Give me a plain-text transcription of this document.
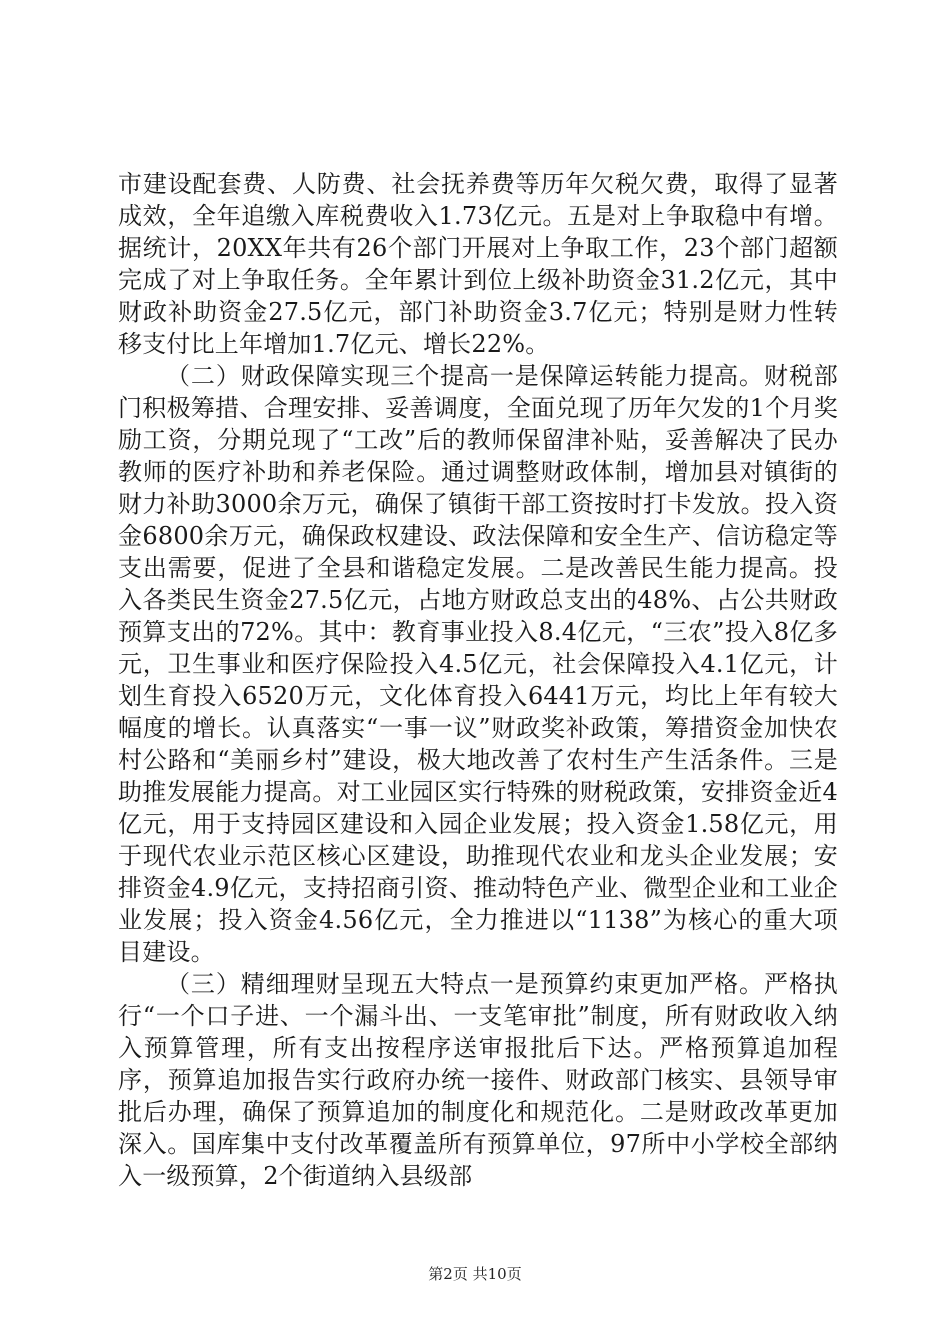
市建设配套费、人防费、社会抚养费等历年欠税欠费，取得了显著成效，全年追缴入库税费收入1.73亿元。五是对上争取稳中有增。据统计，20XX年共有26个部门开展对上争取工作，23个部门超额完成了对上争取任务。全年累计到位上级补助资金31.2亿元，其中财政补助资金27.5亿元，部门补助资金3.7亿元；特别是财力性转移支付比上年增加1.7亿元、增长22%。

（二）财政保障实现三个提高一是保障运转能力提高。财税部门积极筹措、合理安排、妥善调度，全面兑现了历年欠发的1个月奖励工资，分期兑现了“工改”后的教师保留津补贴，妥善解决了民办教师的医疗补助和养老保险。通过调整财政体制，增加县对镇街的财力补助3000余万元，确保了镇街干部工资按时打卡发放。投入资金6800余万元，确保政权建设、政法保障和安全生产、信访稳定等支出需要，促进了全县和谐稳定发展。二是改善民生能力提高。投入各类民生资金27.5亿元，占地方财政总支出的48%、占公共财政预算支出的72%。其中：教育事业投入8.4亿元，“三农”投入8亿多元，卫生事业和医疗保险投入4.5亿元，社会保障投入4.1亿元，计划生育投入6520万元，文化体育投入6441万元，均比上年有较大幅度的增长。认真落实“一事一议”财政奖补政策，筹措资金加快农村公路和“美丽乡村”建设，极大地改善了农村生产生活条件。三是助推发展能力提高。对工业园区实行特殊的财税政策，安排资金近4亿元，用于支持园区建设和入园企业发展；投入资金1.58亿元，用于现代农业示范区核心区建设，助推现代农业和龙头企业发展；安排资金4.9亿元，支持招商引资、推动特色产业、微型企业和工业企业发展；投入资金4.56亿元，全力推进以“1138”为核心的重大项目建设。

（三）精细理财呈现五大特点一是预算约束更加严格。严格执行“一个口子进、一个漏斗出、一支笔审批”制度，所有财政收入纳入预算管理，所有支出按程序送审报批后下达。严格预算追加程序，预算追加报告实行政府办统一接件、财政部门核实、县领导审批后办理，确保了预算追加的制度化和规范化。二是财政改革更加深入。国库集中支付改革覆盖所有预算单位，97所中小学校全部纳入一级预算，2个街道纳入县级部

第2页 共10页
